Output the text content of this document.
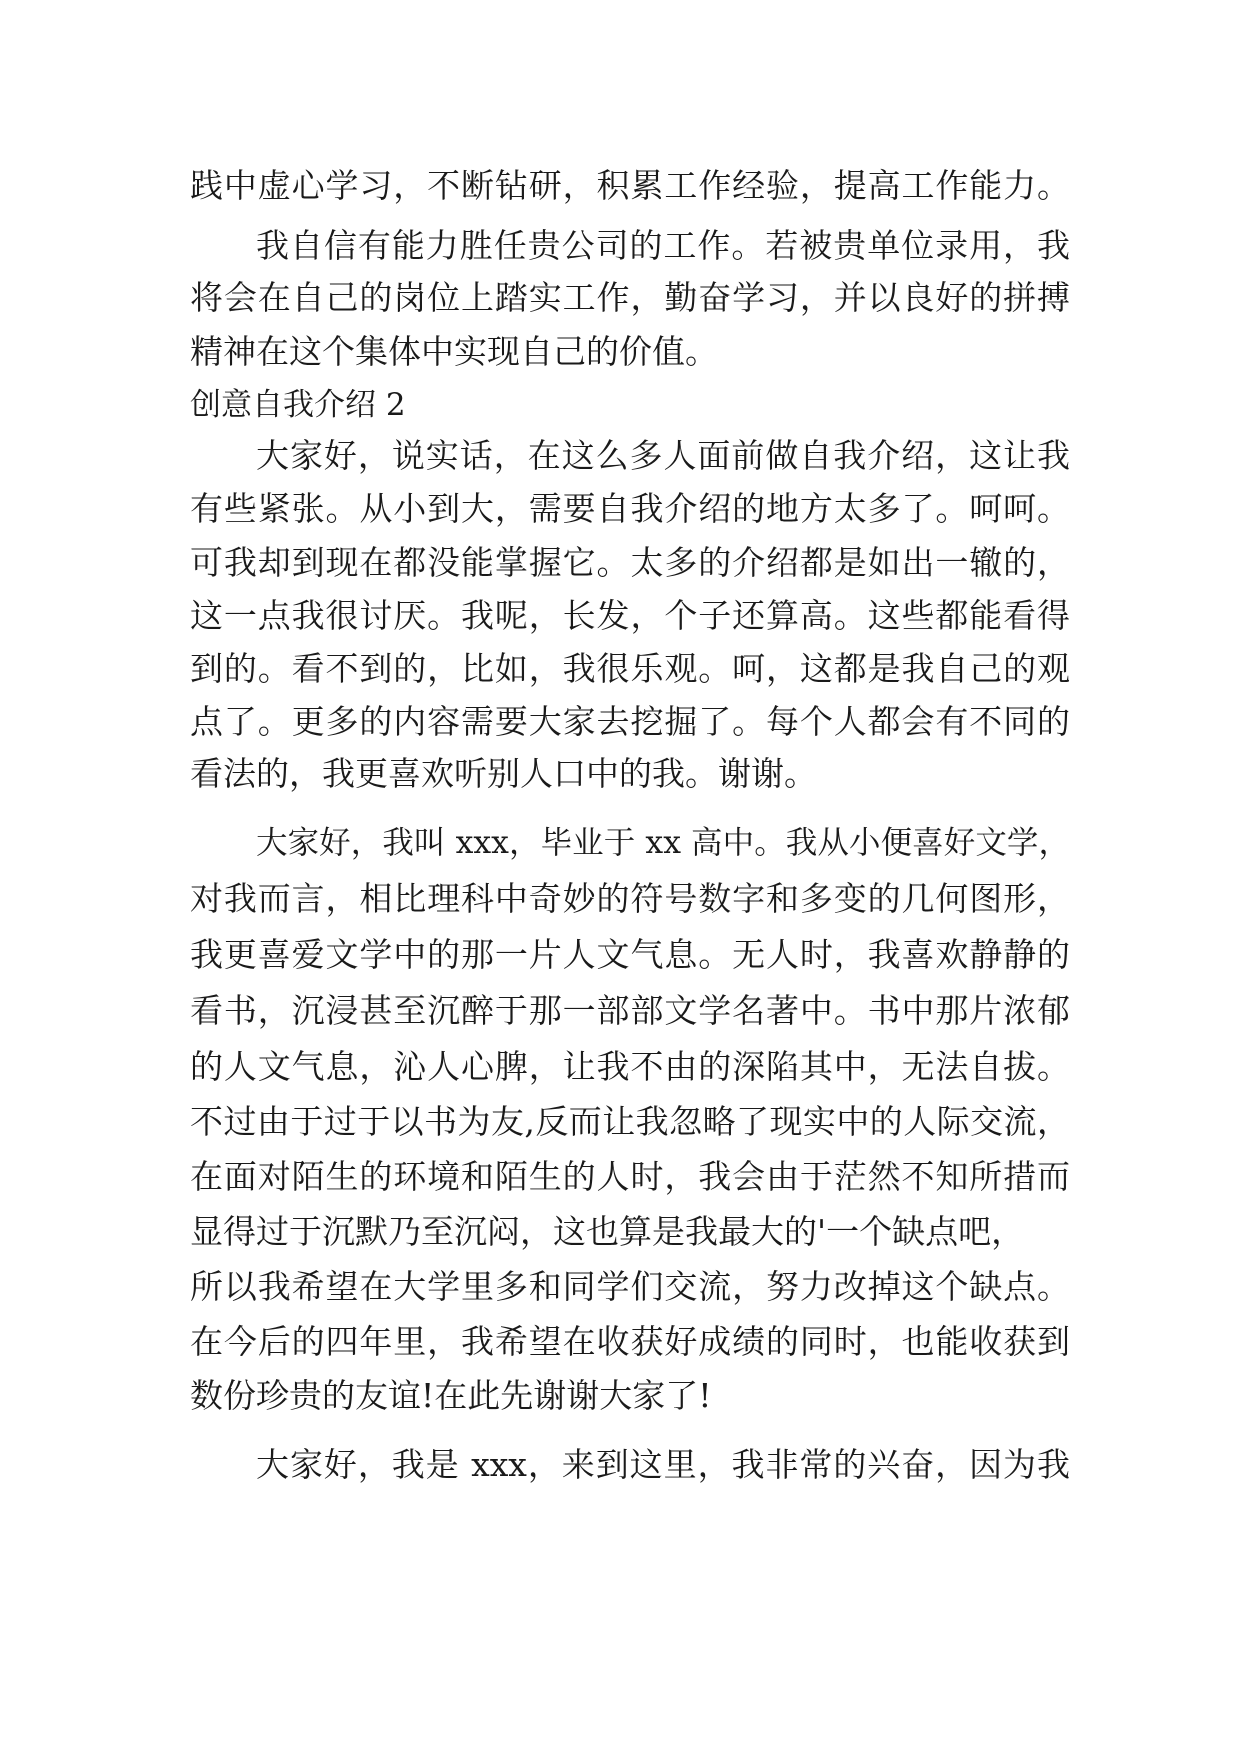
践中虚心学习，不断钻研，积累工作经验，提高工作能力。
我自信有能力胜任贵公司的工作。若被贵单位录用，我
将会在自己的岗位上踏实工作，勤奋学习，并以良好的拼搏
精神在这个集体中实现自己的价值。
创意自我介绍 2
大家好，说实话，在这么多人面前做自我介绍，这让我
有些紧张。从小到大，需要自我介绍的地方太多了。呵呵。
可我却到现在都没能掌握它。太多的介绍都是如出一辙的，
这一点我很讨厌。我呢，长发，个子还算高。这些都能看得
到的。看不到的，比如，我很乐观。呵，这都是我自己的观
点了。更多的内容需要大家去挖掘了。每个人都会有不同的
看法的，我更喜欢听别人口中的我。谢谢。
大家好，我叫 xxx，毕业于 xx 高中。我从小便喜好文学，
对我而言，相比理科中奇妙的符号数字和多变的几何图形，
我更喜爱文学中的那一片人文气息。无人时，我喜欢静静的
看书，沉浸甚至沉醉于那一部部文学名著中。书中那片浓郁
的人文气息，沁人心脾，让我不由的深陷其中，无法自拔。
不过由于过于以书为友,反而让我忽略了现实中的人际交流，
在面对陌生的环境和陌生的人时，我会由于茫然不知所措而
显得过于沉默乃至沉闷，这也算是我最大的'一个缺点吧，
所以我希望在大学里多和同学们交流，努力改掉这个缺点。
在今后的四年里，我希望在收获好成绩的同时，也能收获到
数份珍贵的友谊!在此先谢谢大家了!
大家好，我是 xxx，来到这里，我非常的兴奋，因为我
